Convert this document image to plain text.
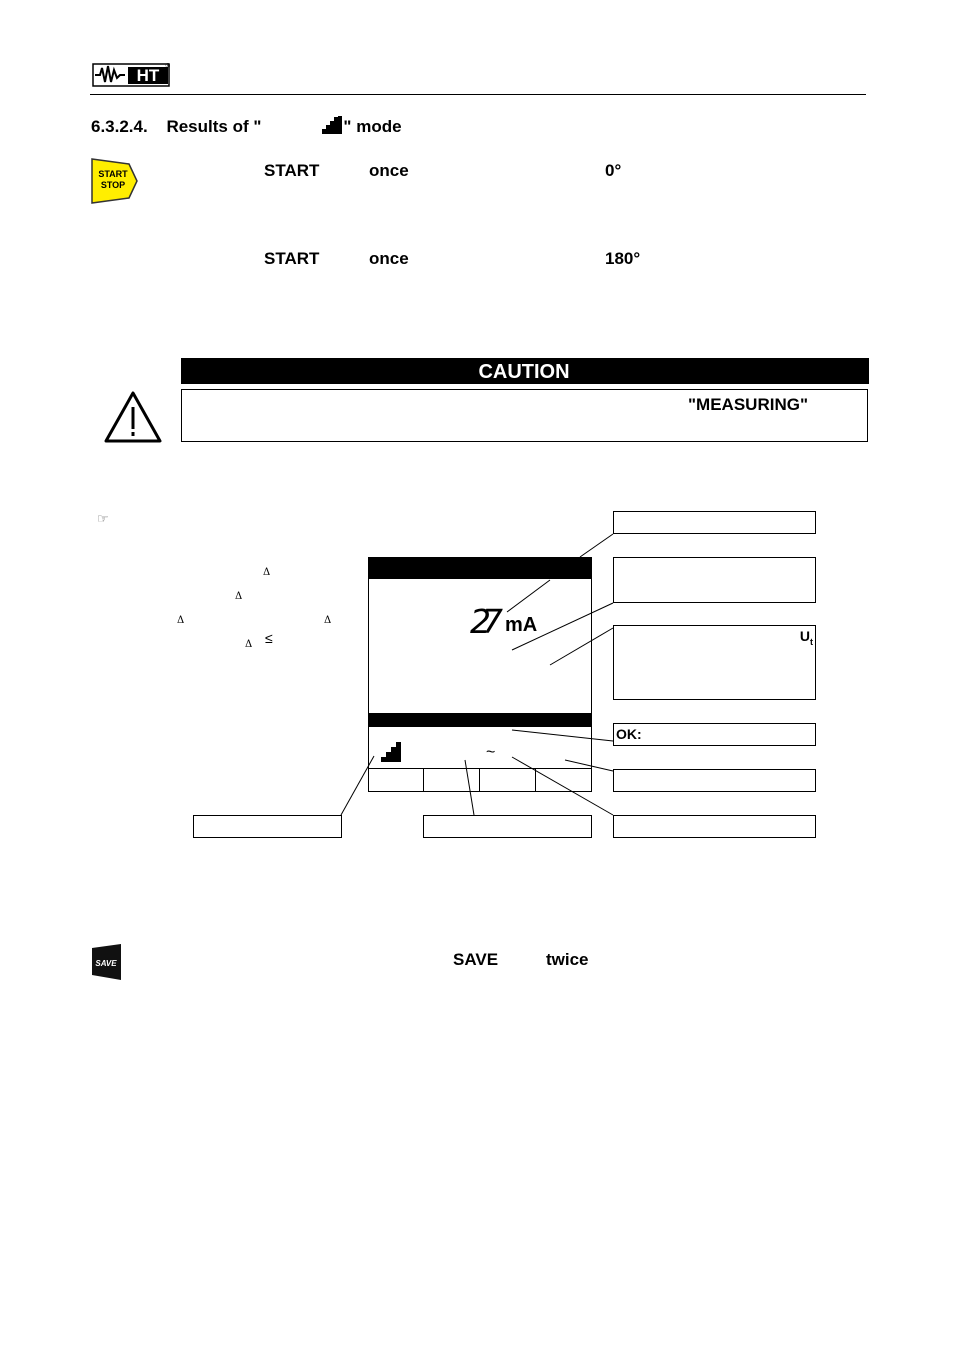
HT ®
6.3.2.4. Results of "	" mode
START
STOP
START	once	0°
START	once	180°
CAUTION
"MEASURING"
☞
Δ
Δ
Δ	Δ
Δ ≤	27 mA
~
$U_t$
OK:
SAVE	SAVE	twice
